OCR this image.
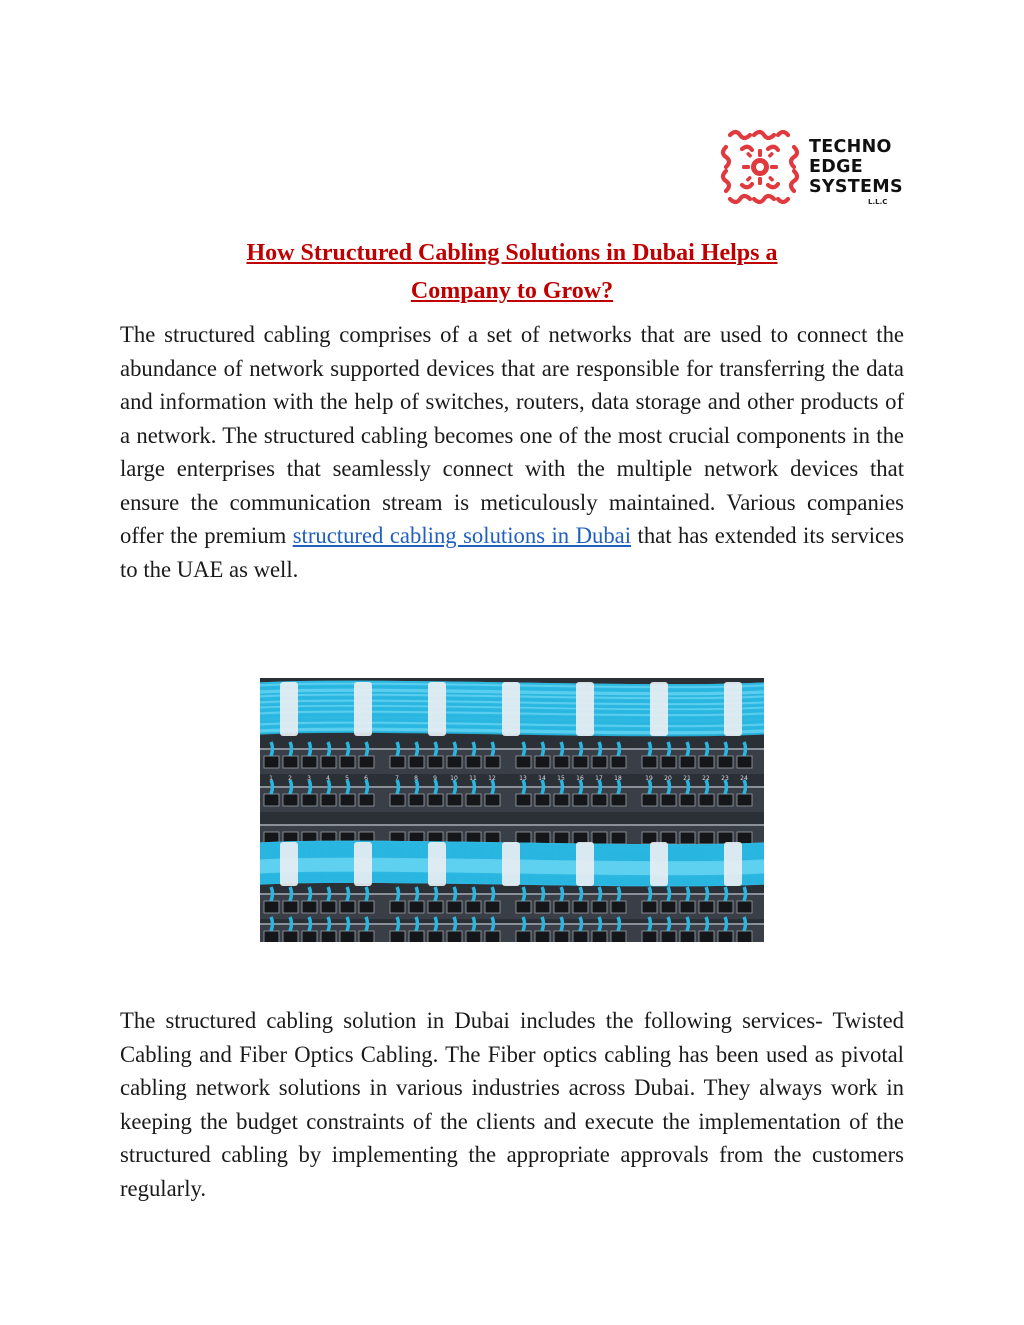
TECHNO
EDGE
SYSTEMS
L.L.C
How Structured Cabling Solutions in Dubai Helps a
Company to Grow?

The structured cabling comprises of a set of networks that are used to connect the abundance of network supported devices that are responsible for transferring the data and information with the help of switches, routers, data storage and other products of a network. The structured cabling becomes one of the most crucial components in the large enterprises that seamlessly connect with the multiple network devices that ensure the communication stream is meticulously maintained. Various companies offer the premium structured cabling solutions in Dubai that has extended its services to the UAE as well.

1	2	3	4	5	6	7	8	9 10 11 12	13 14 15 16 17 18	19 20 21 22 23 24

The structured cabling solution in Dubai includes the following services- Twisted Cabling and Fiber Optics Cabling. The Fiber optics cabling has been used as pivotal cabling network solutions in various industries across Dubai. They always work in keeping the budget constraints of the clients and execute the implementation of the structured cabling by implementing the appropriate approvals from the customers regularly.
